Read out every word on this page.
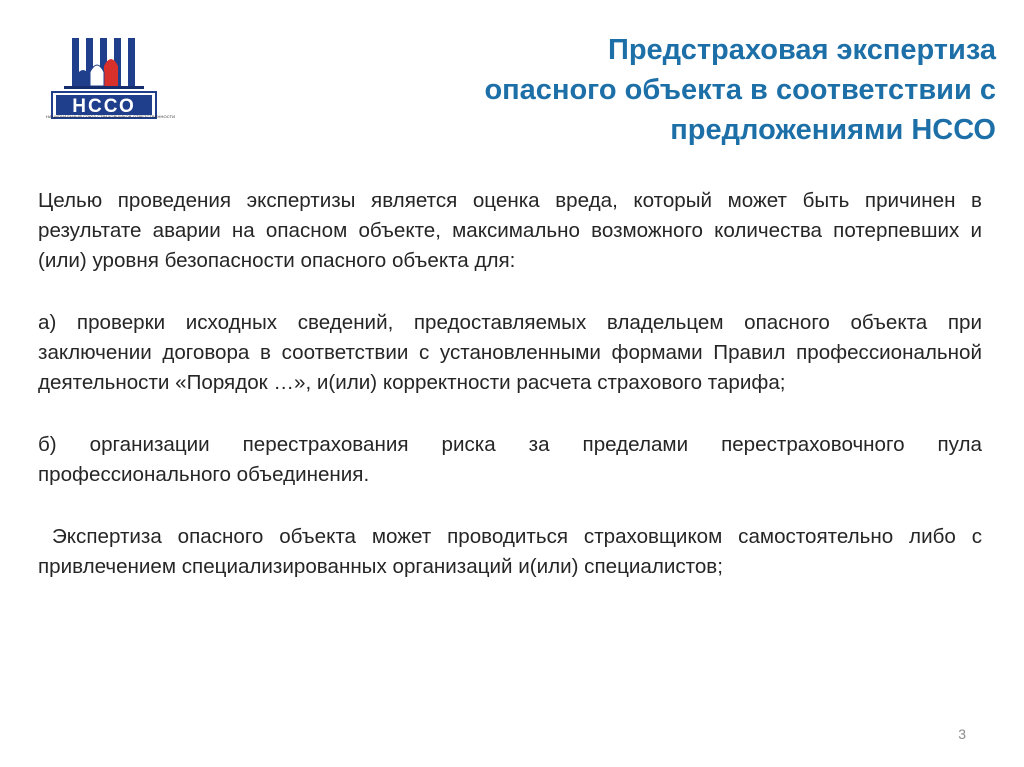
НССО
НАЦИОНАЛЬНЫЙ СОЮЗ СТРАХОВЩИКОВ ОТВЕТСТВЕННОСТИ
Предстраховая экспертиза
опасного объекта в соответствии с
предложениями НССО

Целью проведения экспертизы является оценка вреда, который может быть причинен в результате аварии на опасном объекте, максимально возможного количества потерпевших и (или) уровня безопасности опасного объекта для:

а) проверки исходных сведений, предоставляемых владельцем опасного объекта при заключении договора в соответствии с установленными формами Правил профессиональной деятельности «Порядок …», и(или) корректности расчета страхового тарифа;

б) организации перестрахования риска за пределами перестраховочного пула профессионального объединения.

Экспертиза опасного объекта может проводиться страховщиком самостоятельно либо с привлечением специализированных организаций и(или) специалистов;

3
